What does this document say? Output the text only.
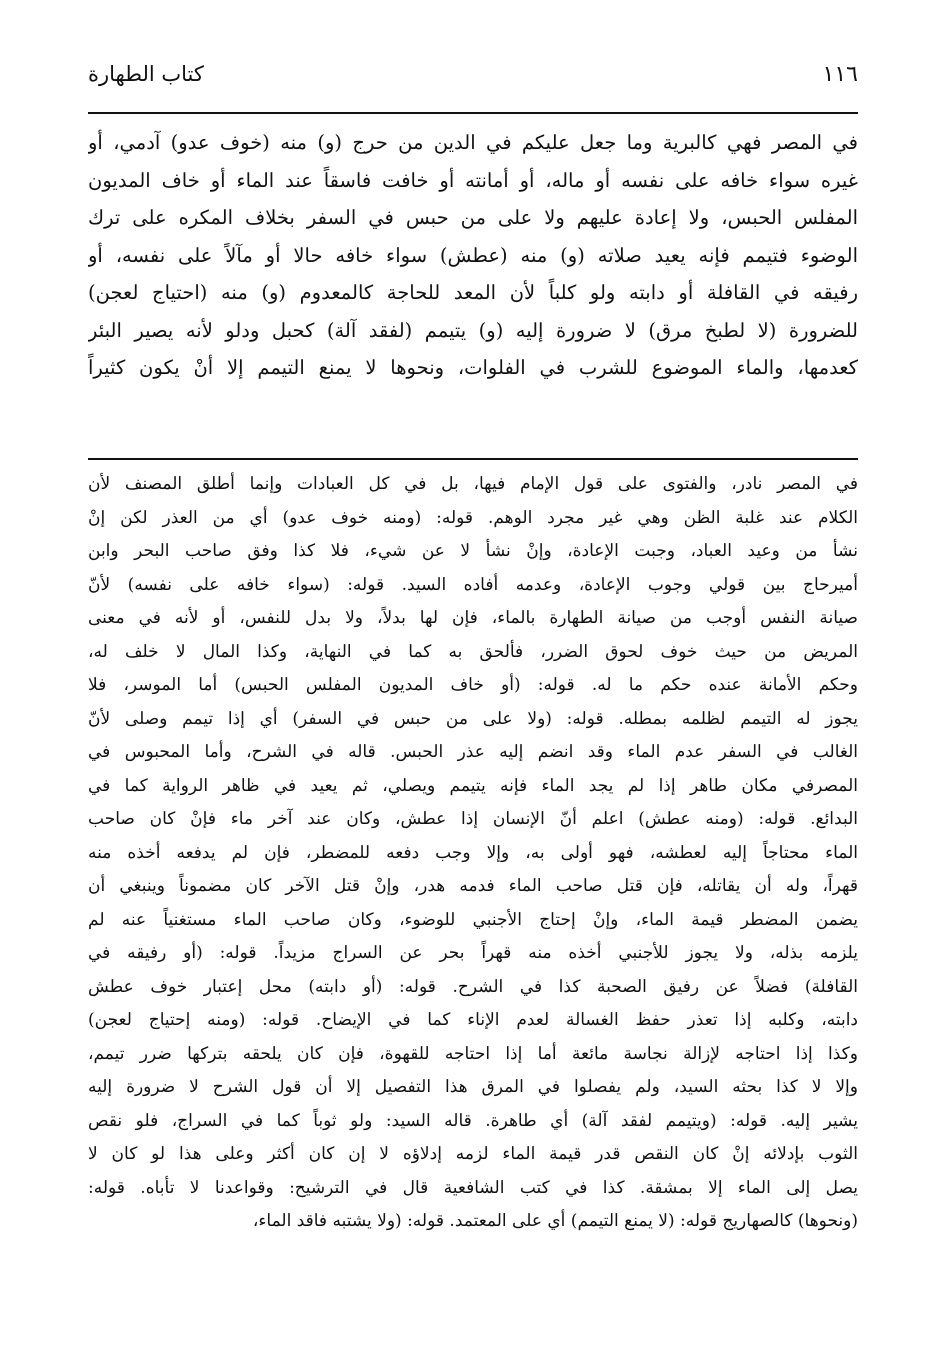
١١٦
كتاب الطهارة
في المصر فهي كالبرية وما جعل عليكم في الدين من حرج (و) منه (خوف عدو) آدمي، أو
غيره سواء خافه على نفسه أو ماله، أو أمانته أو خافت فاسقاً عند الماء أو خاف المديون
المفلس الحبس، ولا إعادة عليهم ولا على من حبس في السفر بخلاف المكره على ترك
الوضوء فتيمم فإنه يعيد صلاته (و) منه (عطش) سواء خافه حالا أو مآلاً على نفسه، أو
رفيقه في القافلة أو دابته ولو كلباً لأن المعد للحاجة كالمعدوم (و) منه (احتياج لعجن)
للضرورة (لا لطبخ مرق) لا ضرورة إليه (و) يتيمم (لفقد آلة) كحبل ودلو لأنه يصير البئر
كعدمها، والماء الموضوع للشرب في الفلوات، ونحوها لا يمنع التيمم إلا أنْ يكون كثيراً
في المصر نادر، والفتوى على قول الإمام فيها، بل في كل العبادات وإنما أطلق المصنف لأن
الكلام عند غلبة الظن وهي غير مجرد الوهم. قوله: (ومنه خوف عدو) أي من العذر لكن إنْ
نشأ من وعيد العباد، وجبت الإعادة، وإنْ نشأ لا عن شيء، فلا كذا وفق صاحب البحر وابن
أميرحاج بين قولي وجوب الإعادة، وعدمه أفاده السيد. قوله: (سواء خافه على نفسه) لأنّ
صيانة النفس أوجب من صيانة الطهارة بالماء، فإن لها بدلاً، ولا بدل للنفس، أو لأنه في معنى
المريض من حيث خوف لحوق الضرر، فألحق به كما في النهاية، وكذا المال لا خلف له،
وحكم الأمانة عنده حكم ما له. قوله: (أو خاف المديون المفلس الحبس) أما الموسر، فلا
يجوز له التيمم لظلمه بمطله. قوله: (ولا على من حبس في السفر) أي إذا تيمم وصلى لأنّ
الغالب في السفر عدم الماء وقد انضم إليه عذر الحبس. قاله في الشرح، وأما المحبوس في
المصرفي مكان طاهر إذا لم يجد الماء فإنه يتيمم ويصلي، ثم يعيد في ظاهر الرواية كما في
البدائع. قوله: (ومنه عطش) اعلم أنّ الإنسان إذا عطش، وكان عند آخر ماء فإنْ كان صاحب
الماء محتاجاً إليه لعطشه، فهو أولى به، وإلا وجب دفعه للمضطر، فإن لم يدفعه أخذه منه
قهراً، وله أن يقاتله، فإن قتل صاحب الماء فدمه هدر، وإنْ قتل الآخر كان مضموناً وينبغي أن
يضمن المضطر قيمة الماء، وإنْ إحتاج الأجنبي للوضوء، وكان صاحب الماء مستغنياً عنه لم
يلزمه بذله، ولا يجوز للأجنبي أخذه منه قهراً بحر عن السراج مزيداً. قوله: (أو رفيقه في
القافلة) فضلاً عن رفيق الصحبة كذا في الشرح. قوله: (أو دابته) محل إعتبار خوف عطش
دابته، وكلبه إذا تعذر حفظ الغسالة لعدم الإناء كما في الإيضاح. قوله: (ومنه إحتياج لعجن)
وكذا إذا احتاجه لإزالة نجاسة مائعة أما إذا احتاجه للقهوة، فإن كان يلحقه بتركها ضرر تيمم،
وإلا لا كذا بحثه السيد، ولم يفصلوا في المرق هذا التفصيل إلا أن قول الشرح لا ضرورة إليه
يشير إليه. قوله: (ويتيمم لفقد آلة) أي طاهرة. قاله السيد: ولو ثوباً كما في السراج، فلو نقص
الثوب بإدلائه إنْ كان النقص قدر قيمة الماء لزمه إدلاؤه لا إن كان أكثر وعلى هذا لو كان لا
يصل إلى الماء إلا بمشقة. كذا في كتب الشافعية قال في الترشيح: وقواعدنا لا تأباه. قوله:
(ونحوها) كالصهاريج قوله: (لا يمنع التيمم) أي على المعتمد. قوله: (ولا يشتبه فاقد الماء،
